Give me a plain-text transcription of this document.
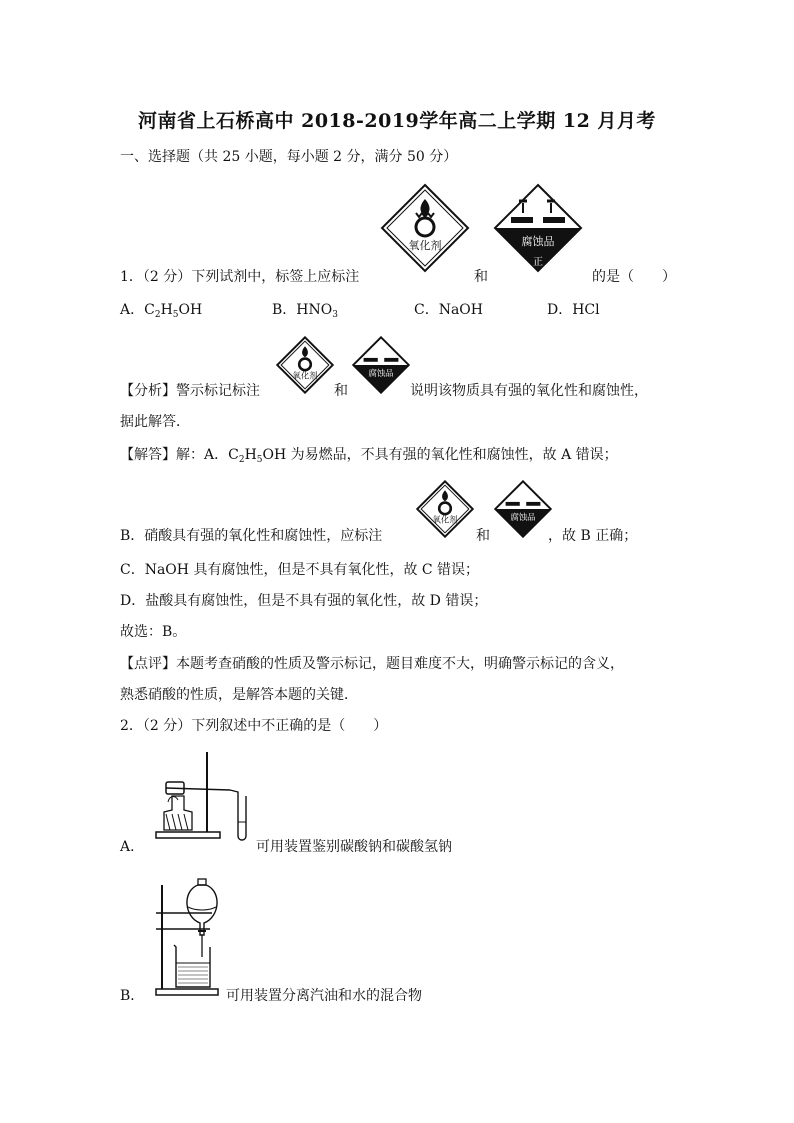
河南省上石桥高中 2018-2019学年高二上学期 12 月月考
一、选择题（共 25 小题，每小题 2 分，满分 50 分）
氧化剂	腐蚀品
正
1．（2 分）下列试剂中，标签上应标注	和	的是（　　）
A．$C_2H_5OH$	B．$HNO_3$	C．NaOH	D．HCl
氧化剂	腐蚀品
【分析】警示标记标注	和	说明该物质具有强的氧化性和腐蚀性，
据此解答．
【解答】解：A．$C_2H_5OH$ 为易燃品，不具有强的氧化性和腐蚀性，故 A 错误；
氧化剂	腐蚀品
B．硝酸具有强的氧化性和腐蚀性，应标注	和	，故 B 正确；
C．NaOH 具有腐蚀性，但是不具有氧化性，故 C 错误；
D．盐酸具有腐蚀性，但是不具有强的氧化性，故 D 错误；
故选：B。
【点评】本题考查硝酸的性质及警示标记，题目难度不大，明确警示标记的含义，
熟悉硝酸的性质，是解答本题的关键．
2．（2 分）下列叙述中不正确的是（　　）
A．	可用装置鉴别碳酸钠和碳酸氢钠
B．	可用装置分离汽油和水的混合物
